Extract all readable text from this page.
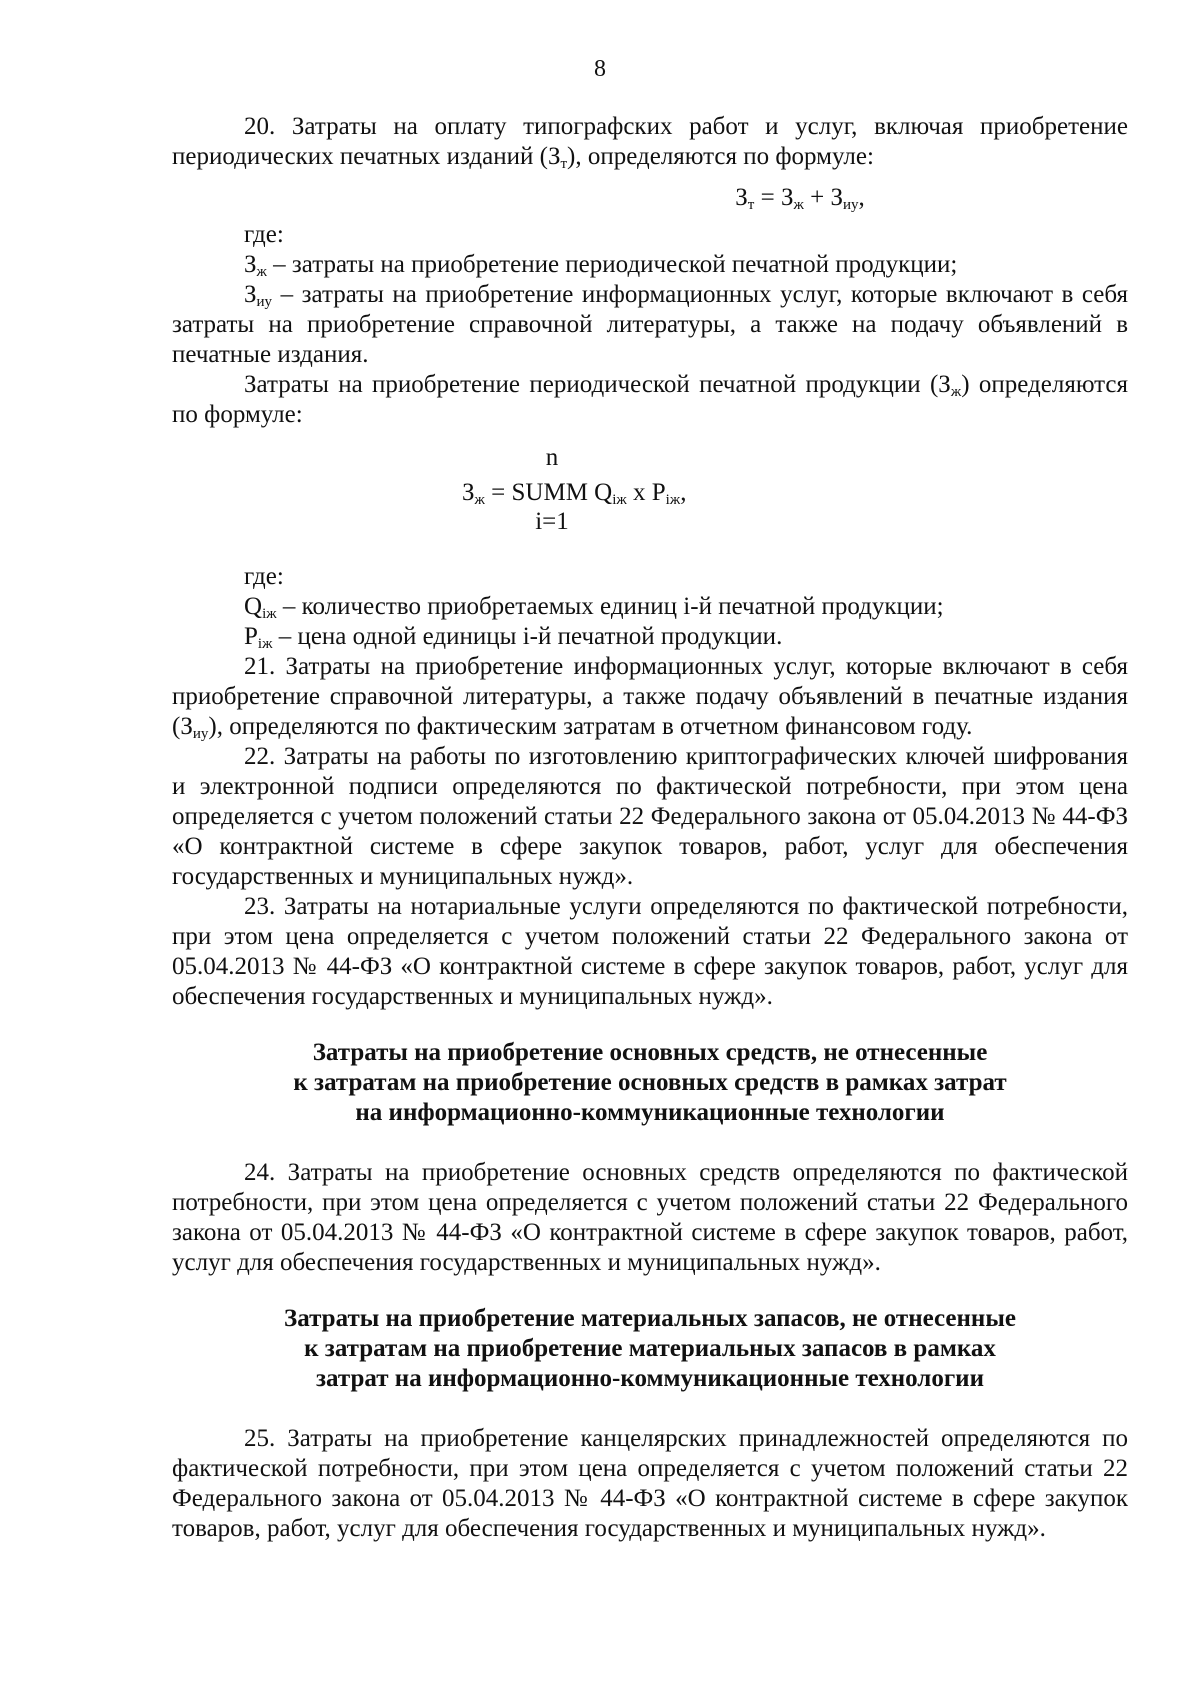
8

20. Затраты на оплату типографских работ и услуг, включая приобретение периодических печатных изданий $(З_т)$, определяются по формуле:

$З_т = З_ж + З_{иу}$,

где:

$З_ж$ – затраты на приобретение периодической печатной продукции;

$З_{иу}$ – затраты на приобретение информационных услуг, которые включают в себя затраты на приобретение справочной литературы, а также на подачу объявлений в печатные издания.

Затраты на приобретение периодической печатной продукции $(З_ж)$ определяются по формуле:

n
$З_ж$ = SUMM $Q_{iж}$ x $P_{iж}$,
i=1

где:

$Q_{iж}$ – количество приобретаемых единиц i-й печатной продукции;

$P_{iж}$ – цена одной единицы i-й печатной продукции.

21. Затраты на приобретение информационных услуг, которые включают в себя приобретение справочной литературы, а также подачу объявлений в печатные издания $(З_{иу})$, определяются по фактическим затратам в отчетном финансовом году.

22. Затраты на работы по изготовлению криптографических ключей шифрования и электронной подписи определяются по фактической потребности, при этом цена определяется с учетом положений статьи 22 Федерального закона от 05.04.2013 № 44-ФЗ «О контрактной системе в сфере закупок товаров, работ, услуг для обеспечения государственных и муниципальных нужд».

23. Затраты на нотариальные услуги определяются по фактической потребности, при этом цена определяется с учетом положений статьи 22 Федерального закона от 05.04.2013 № 44-ФЗ «О контрактной системе в сфере закупок товаров, работ, услуг для обеспечения государственных и муниципальных нужд».

Затраты на приобретение основных средств, не отнесенные
к затратам на приобретение основных средств в рамках затрат
на информационно-коммуникационные технологии

24. Затраты на приобретение основных средств определяются по фактической потребности, при этом цена определяется с учетом положений статьи 22 Федерального закона от 05.04.2013 № 44-ФЗ «О контрактной системе в сфере закупок товаров, работ, услуг для обеспечения государственных и муниципальных нужд».

Затраты на приобретение материальных запасов, не отнесенные
к затратам на приобретение материальных запасов в рамках
затрат на информационно-коммуникационные технологии

25. Затраты на приобретение канцелярских принадлежностей определяются по фактической потребности, при этом цена определяется с учетом положений статьи 22 Федерального закона от 05.04.2013 № 44-ФЗ «О контрактной системе в сфере закупок товаров, работ, услуг для обеспечения государственных и муниципальных нужд».
